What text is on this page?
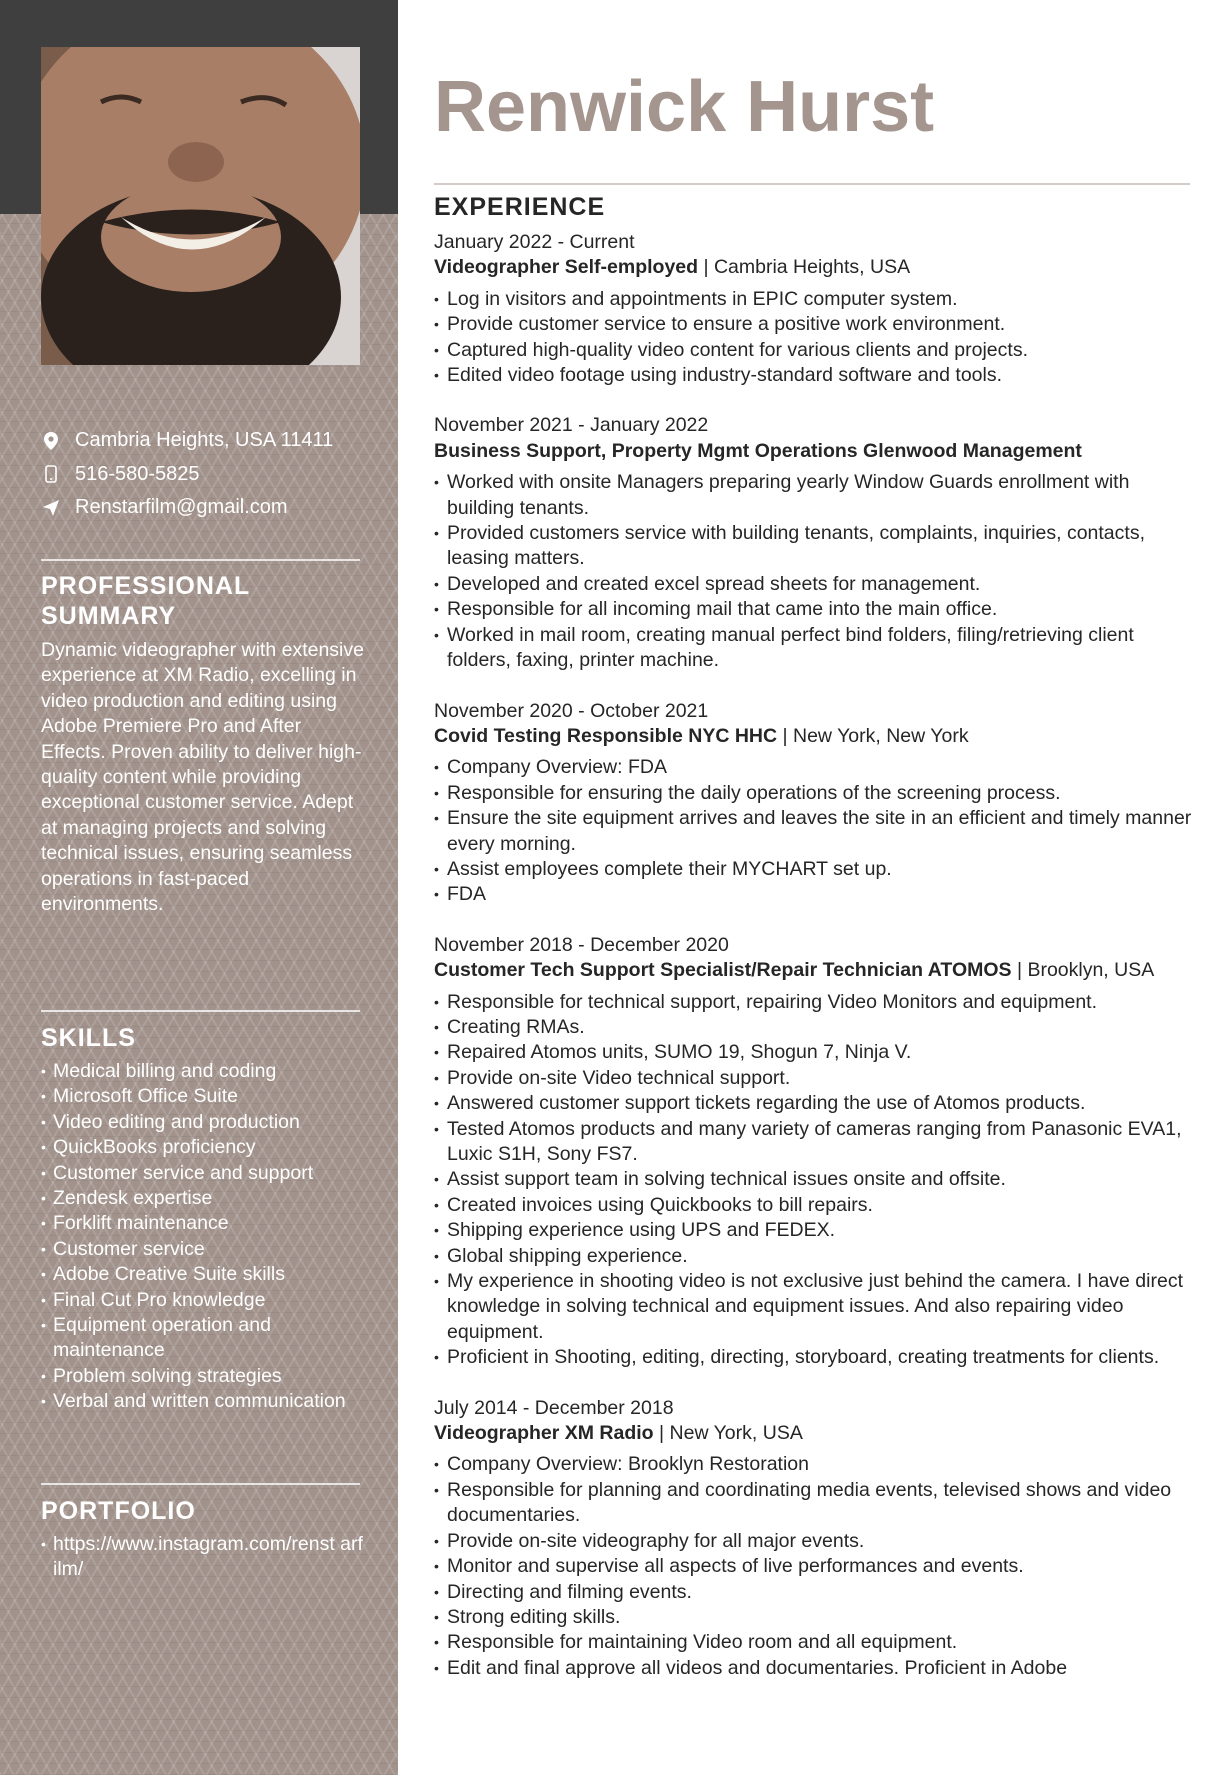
Cambria Heights, USA 11411
516-580-5825
Renstarfilm@gmail.com
PROFESSIONAL
SUMMARY

Dynamic videographer with extensive experience at XM Radio, excelling in video production and editing using Adobe Premiere Pro and After Effects. Proven ability to deliver high-quality content while providing exceptional customer service. Adept at managing projects and solving technical issues, ensuring seamless operations in fast-paced environments.

SKILLS
• Medical billing and coding
• Microsoft Office Suite
• Video editing and production
• QuickBooks proficiency
• Customer service and support
• Zendesk expertise
• Forklift maintenance
• Customer service
• Adobe Creative Suite skills
• Final Cut Pro knowledge
• Equipment operation and maintenance
• Problem solving strategies
• Verbal and written communication
PORTFOLIO
• https://www.instagram.com/renst arfilm/
Renwick Hurst
EXPERIENCE

January 2022 - Current

Videographer Self-employed | Cambria Heights, USA

• Log in visitors and appointments in EPIC computer system.
• Provide customer service to ensure a positive work environment.
• Captured high-quality video content for various clients and projects.
• Edited video footage using industry-standard software and tools.

November 2021 - January 2022

Business Support, Property Mgmt Operations Glenwood Management

• Worked with onsite Managers preparing yearly Window Guards enrollment with building tenants.
• Provided customers service with building tenants, complaints, inquiries, contacts, leasing matters.
• Developed and created excel spread sheets for management.
• Responsible for all incoming mail that came into the main office.
• Worked in mail room, creating manual perfect bind folders, filing/retrieving client folders, faxing, printer machine.

November 2020 - October 2021

Covid Testing Responsible NYC HHC | New York, New York

• Company Overview: FDA
• Responsible for ensuring the daily operations of the screening process.
• Ensure the site equipment arrives and leaves the site in an efficient and timely manner every morning.
• Assist employees complete their MYCHART set up.
• FDA

November 2018 - December 2020

Customer Tech Support Specialist/Repair Technician ATOMOS | Brooklyn, USA

• Responsible for technical support, repairing Video Monitors and equipment.
• Creating RMAs.
• Repaired Atomos units, SUMO 19, Shogun 7, Ninja V.
• Provide on-site Video technical support.
• Answered customer support tickets regarding the use of Atomos products.
• Tested Atomos products and many variety of cameras ranging from Panasonic EVA1, Luxic S1H, Sony FS7.
• Assist support team in solving technical issues onsite and offsite.
• Created invoices using Quickbooks to bill repairs.
• Shipping experience using UPS and FEDEX.
• Global shipping experience.
• My experience in shooting video is not exclusive just behind the camera. I have direct knowledge in solving technical and equipment issues. And also repairing video equipment.
• Proficient in Shooting, editing, directing, storyboard, creating treatments for clients.

July 2014 - December 2018

Videographer XM Radio | New York, USA

• Company Overview: Brooklyn Restoration
• Responsible for planning and coordinating media events, televised shows and video documentaries.
• Provide on-site videography for all major events.
• Monitor and supervise all aspects of live performances and events.
• Directing and filming events.
• Strong editing skills.
• Responsible for maintaining Video room and all equipment.
• Edit and final approve all videos and documentaries. Proficient in Adobe
